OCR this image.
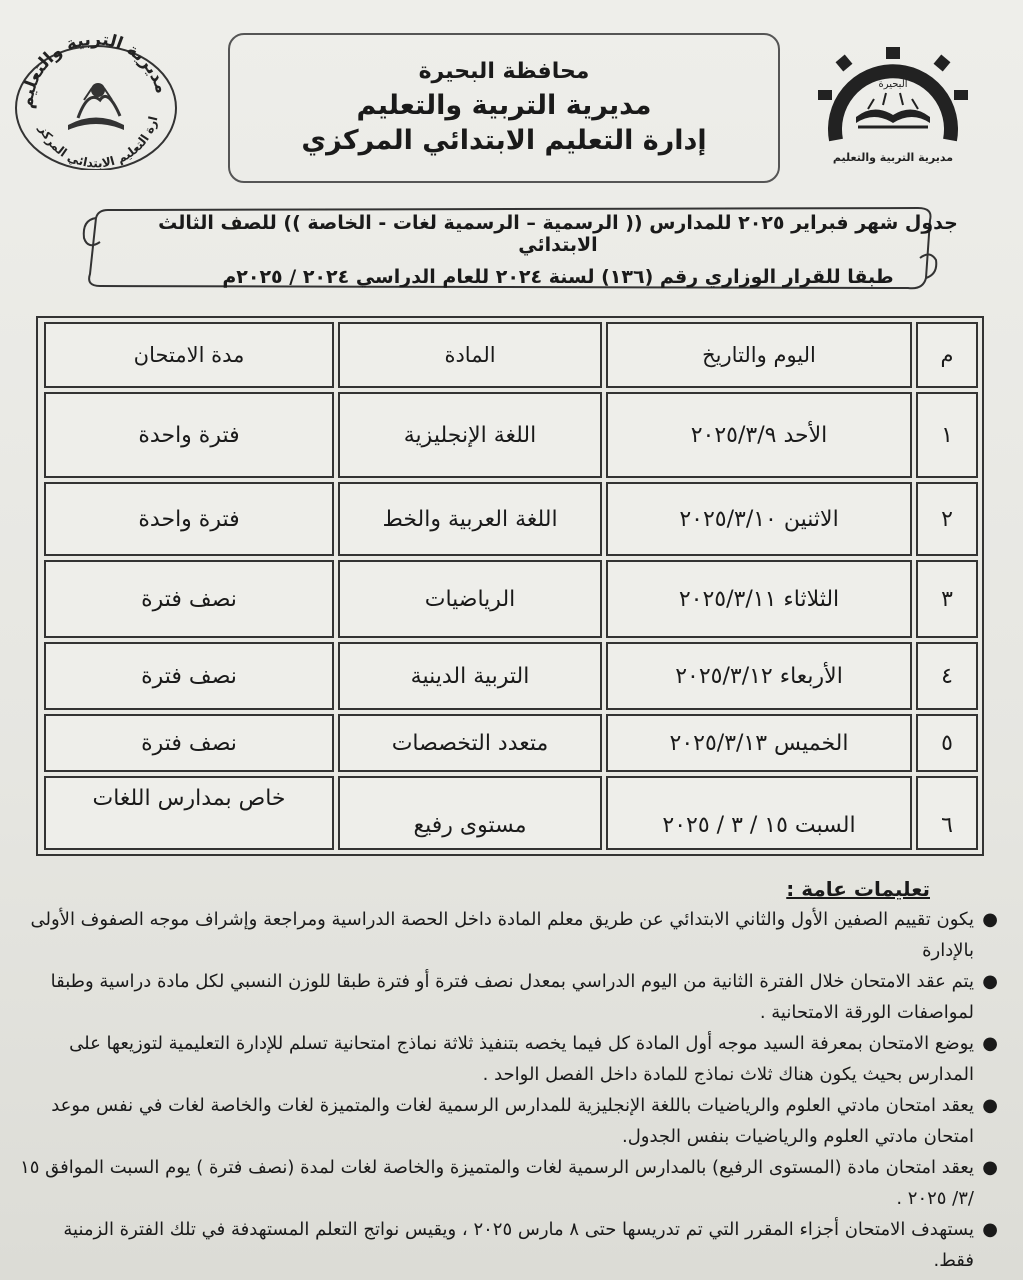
مديرية التربية والتعليم
ارة التعليم الابتدائي المركز
محافظة البحيرة
مديرية التربية والتعليم
إدارة التعليم الابتدائي المركزي
البحيرة
مديرية التربية والتعليم
جدول شهر فبراير ٢٠٢٥ للمدارس (( الرسمية – الرسمية لغات - الخاصة )) للصف الثالث الابتدائي
طبقا للقرار الوزاري رقم (١٣٦) لسنة ٢٠٢٤ للعام الدراسي ٢٠٢٤ / ٢٠٢٥م
م
اليوم والتاريخ
المادة
مدة الامتحان
١
الأحد ٢٠٢٥/٣/٩
اللغة الإنجليزية
فترة واحدة
٢
الاثنين ٢٠٢٥/٣/١٠
اللغة العربية والخط
فترة واحدة
٣
الثلاثاء ٢٠٢٥/٣/١١
الرياضيات
نصف فترة
٤
الأربعاء ٢٠٢٥/٣/١٢
التربية الدينية
نصف فترة
٥
الخميس ٢٠٢٥/٣/١٣
متعدد التخصصات
نصف فترة
٦
السبت ١٥ / ٣ / ٢٠٢٥
مستوى رفيع
خاص بمدارس اللغات
تعليمات عامة :
●
يكون تقييم الصفين الأول والثاني الابتدائي عن طريق معلم المادة داخل الحصة الدراسية ومراجعة وإشراف موجه الصفوف الأولى بالإدارة
●
يتم عقد الامتحان خلال الفترة الثانية من اليوم الدراسي بمعدل نصف فترة أو فترة طبقا للوزن النسبي لكل مادة دراسية وطبقا لمواصفات الورقة الامتحانية .
●
يوضع الامتحان بمعرفة السيد موجه أول المادة كل فيما يخصه بتنفيذ ثلاثة نماذج امتحانية تسلم للإدارة التعليمية لتوزيعها على المدارس بحيث يكون هناك ثلاث نماذج للمادة داخل الفصل الواحد .
●
يعقد امتحان مادتي العلوم والرياضيات باللغة الإنجليزية للمدارس الرسمية لغات والمتميزة لغات والخاصة لغات في نفس موعد امتحان مادتي العلوم والرياضيات بنفس الجدول.
●
يعقد امتحان مادة (المستوى الرفيع) بالمدارس الرسمية لغات والمتميزة والخاصة لغات لمدة (نصف فترة ) يوم السبت الموافق ١٥ /٣/ ٢٠٢٥ .
●
يستهدف الامتحان أجزاء المقرر التي تم تدريسها حتى ٨ مارس ٢٠٢٥ ، ويقيس نواتج التعلم المستهدفة في تلك الفترة الزمنية فقط.
